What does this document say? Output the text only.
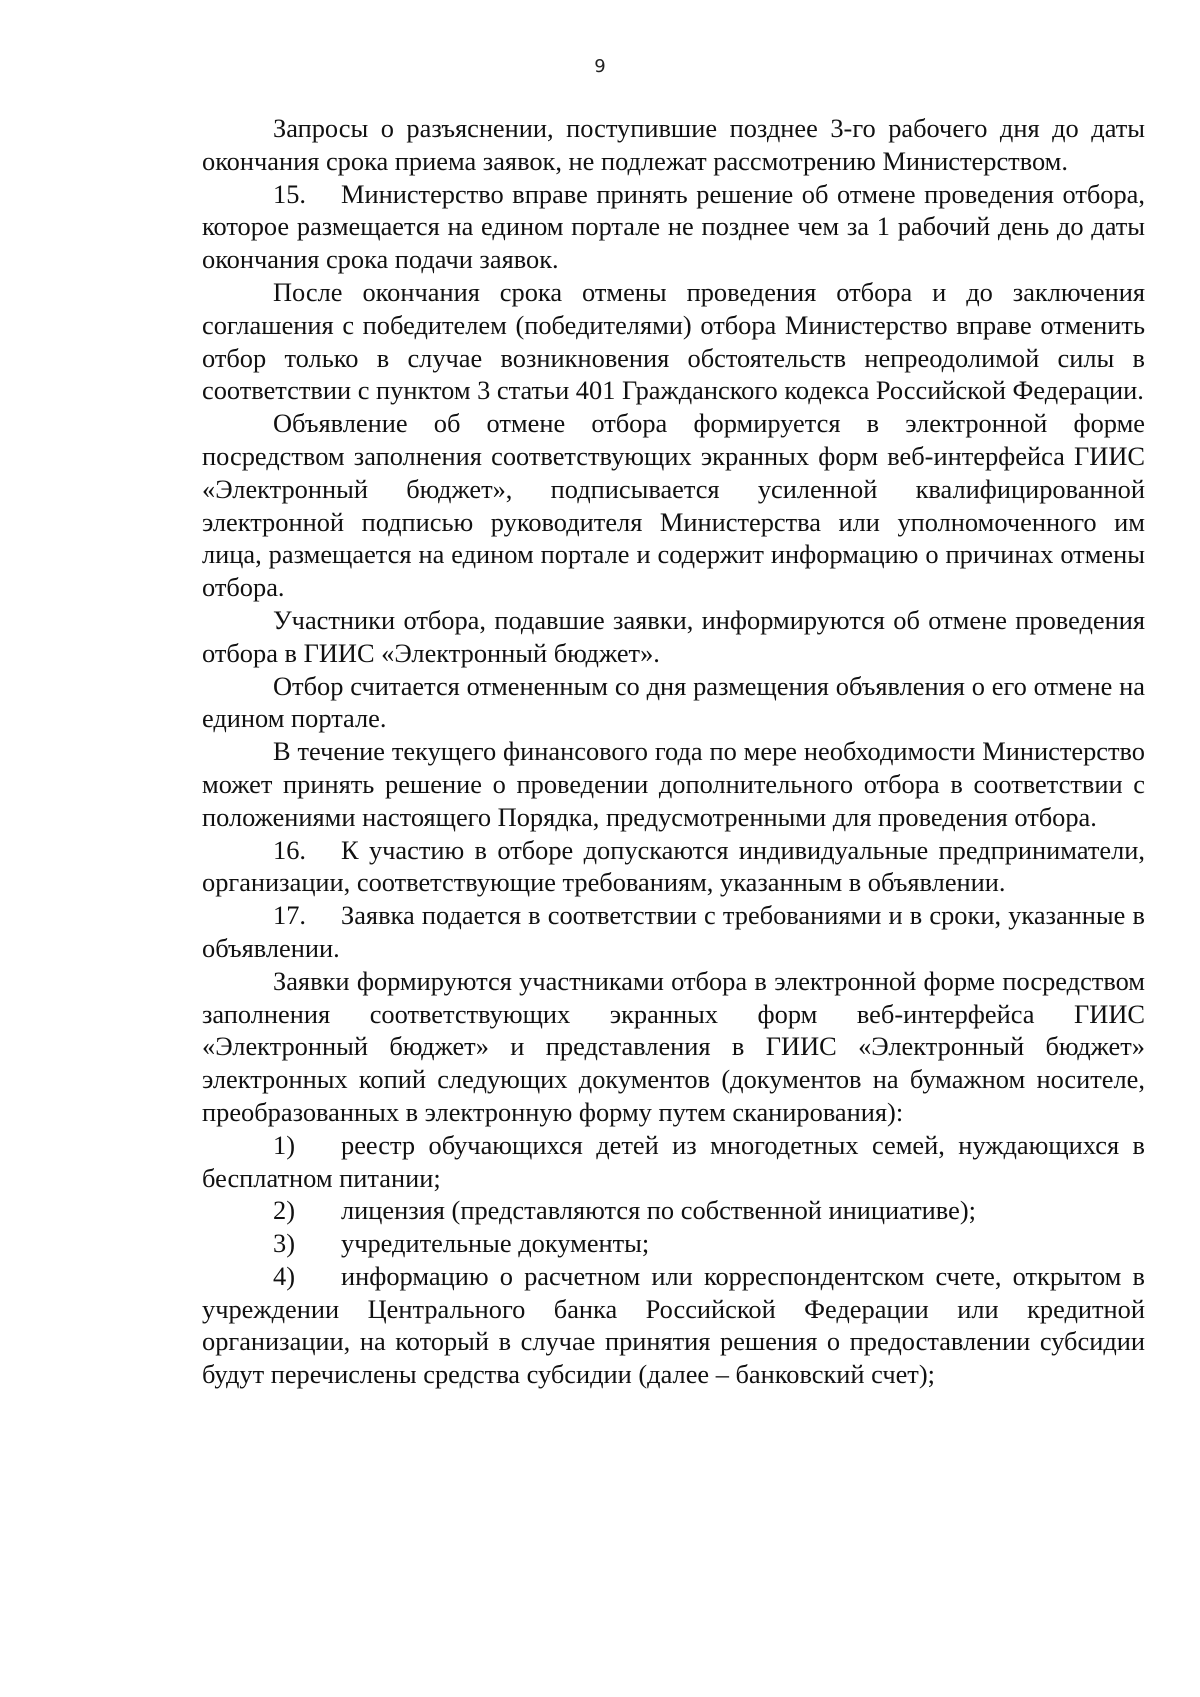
9

Запросы о разъяснении, поступившие позднее 3-го рабочего дня до даты окончания срока приема заявок, не подлежат рассмотрению Министерством.

15. Министерство вправе принять решение об отмене проведения отбора, которое размещается на едином портале не позднее чем за 1 рабочий день до даты окончания срока подачи заявок.

После окончания срока отмены проведения отбора и до заключения соглашения с победителем (победителями) отбора Министерство вправе отменить отбор только в случае возникновения обстоятельств непреодолимой силы в соответствии с пунктом 3 статьи 401 Гражданского кодекса Российской Федерации.

Объявление об отмене отбора формируется в электронной форме посредством заполнения соответствующих экранных форм веб-интерфейса ГИИС «Электронный бюджет», подписывается усиленной квалифицированной электронной подписью руководителя Министерства или уполномоченного им лица, размещается на едином портале и содержит информацию о причинах отмены отбора.

Участники отбора, подавшие заявки, информируются об отмене проведения отбора в ГИИС «Электронный бюджет».

Отбор считается отмененным со дня размещения объявления о его отмене на едином портале.

В течение текущего финансового года по мере необходимости Министерство может принять решение о проведении дополнительного отбора в соответствии с положениями настоящего Порядка, предусмотренными для проведения отбора.

16. К участию в отборе допускаются индивидуальные предприниматели, организации, соответствующие требованиям, указанным в объявлении.

17. Заявка подается в соответствии с требованиями и в сроки, указанные в объявлении.

Заявки формируются участниками отбора в электронной форме посредством заполнения соответствующих экранных форм веб-интерфейса ГИИС «Электронный бюджет» и представления в ГИИС «Электронный бюджет» электронных копий следующих документов (документов на бумажном носителе, преобразованных в электронную форму путем сканирования):

1) реестр обучающихся детей из многодетных семей, нуждающихся в бесплатном питании;

2) лицензия (представляются по собственной инициативе);

3) учредительные документы;

4) информацию о расчетном или корреспондентском счете, открытом в учреждении Центрального банка Российской Федерации или кредитной организации, на который в случае принятия решения о предоставлении субсидии будут перечислены средства субсидии (далее – банковский счет);
